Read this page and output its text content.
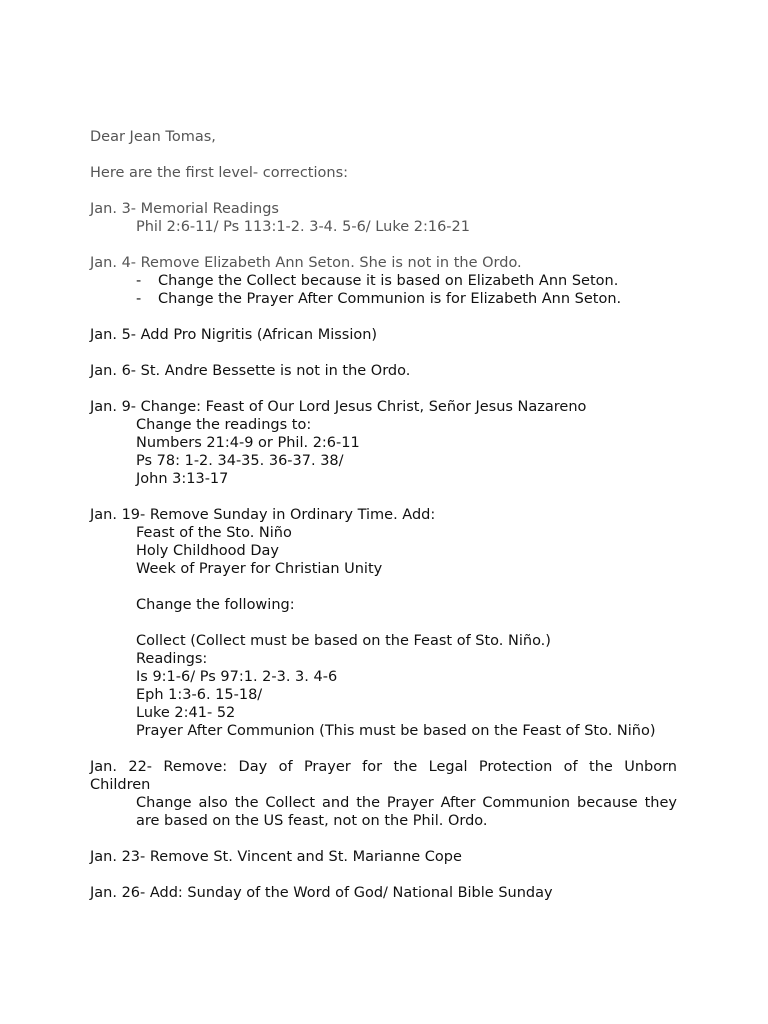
Dear Jean Tomas,
Here are the first level- corrections:
Jan. 3- Memorial Readings
Phil 2:6-11/ Ps 113:1-2. 3-4. 5-6/ Luke 2:16-21
Jan. 4- Remove Elizabeth Ann Seton. She is not in the Ordo.
- Change the Collect because it is based on Elizabeth Ann Seton.
- Change the Prayer After Communion is for Elizabeth Ann Seton.
Jan. 5- Add Pro Nigritis (African Mission)
Jan. 6- St. Andre Bessette is not in the Ordo.
Jan. 9- Change: Feast of Our Lord Jesus Christ, Señor Jesus Nazareno
Change the readings to:
Numbers 21:4-9 or Phil. 2:6-11
Ps 78: 1-2. 34-35. 36-37. 38/
John 3:13-17
Jan. 19- Remove Sunday in Ordinary Time. Add:
Feast of the Sto. Niño
Holy Childhood Day
Week of Prayer for Christian Unity
Change the following:
Collect (Collect must be based on the Feast of Sto. Niño.)
Readings:
Is 9:1-6/ Ps 97:1. 2-3. 3. 4-6
Eph 1:3-6. 15-18/
Luke 2:41- 52
Prayer After Communion (This must be based on the Feast of Sto. Niño)
Jan. 22- Remove: Day of Prayer for the Legal Protection of the Unborn
Children
Change also the Collect and the Prayer After Communion because they
are based on the US feast, not on the Phil. Ordo.
Jan. 23- Remove St. Vincent and St. Marianne Cope
Jan. 26- Add: Sunday of the Word of God/ National Bible Sunday
